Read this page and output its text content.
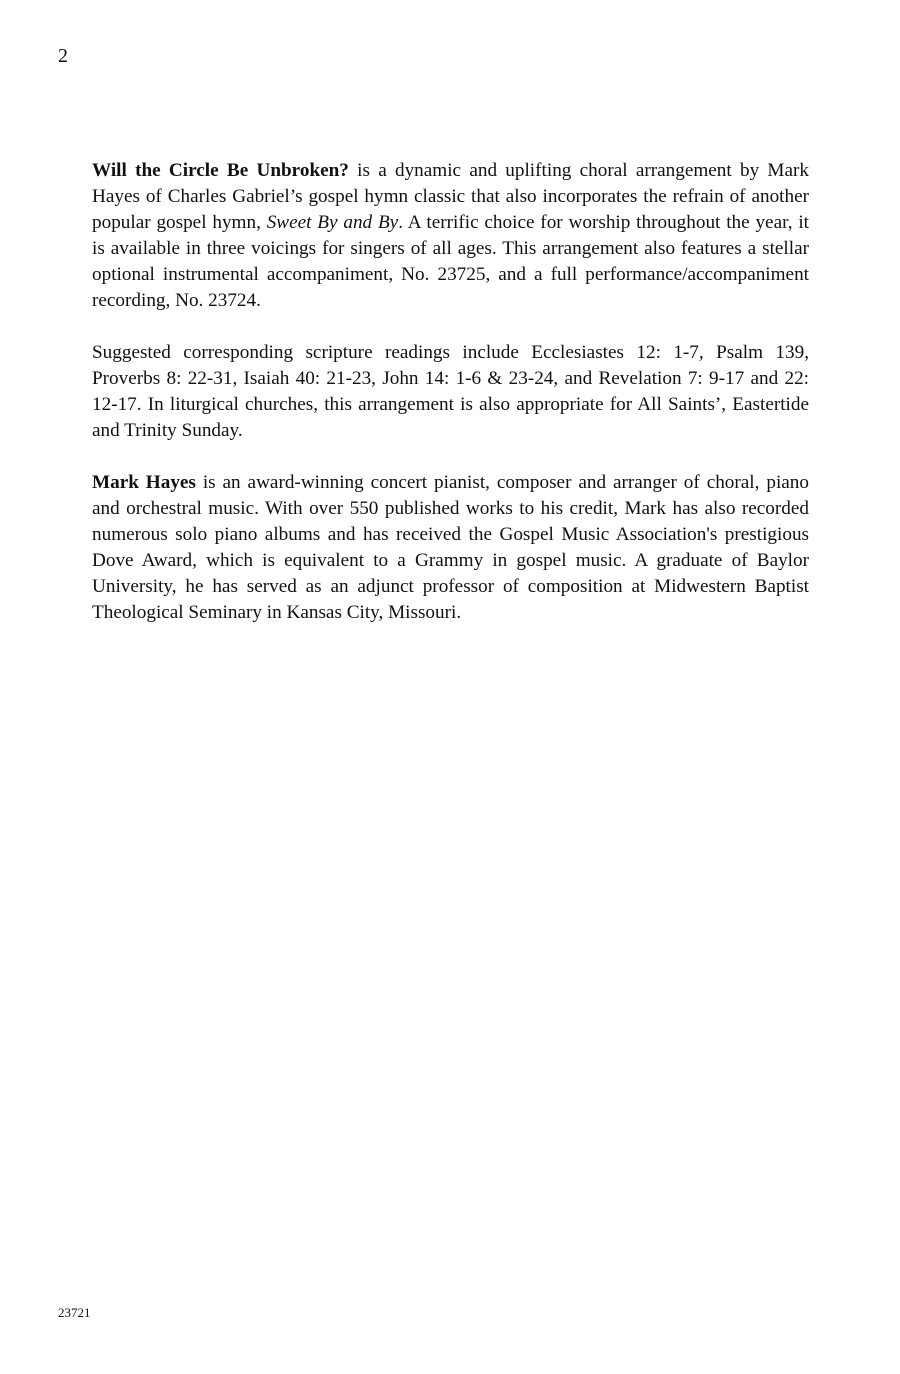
2

Will the Circle Be Unbroken? is a dynamic and uplifting choral arrangement by Mark Hayes of Charles Gabriel’s gospel hymn classic that also incorporates the refrain of another popular gospel hymn, Sweet By and By. A terrific choice for worship throughout the year, it is available in three voicings for singers of all ages. This arrangement also features a stellar optional instrumental accompaniment, No. 23725, and a full performance/accompaniment recording, No. 23724.

Suggested corresponding scripture readings include Ecclesiastes 12: 1-7, Psalm 139, Proverbs 8: 22-31, Isaiah 40: 21-23, John 14: 1-6 & 23-24, and Revelation 7: 9-17 and 22: 12-17. In liturgical churches, this arrangement is also appropriate for All Saints’, Eastertide and Trinity Sunday.

Mark Hayes is an award-winning concert pianist, composer and arranger of choral, piano and orchestral music. With over 550 published works to his credit, Mark has also recorded numerous solo piano albums and has received the Gospel Music Association's prestigious Dove Award, which is equivalent to a Grammy in gospel music. A graduate of Baylor University, he has served as an adjunct professor of composition at Midwestern Baptist Theological Seminary in Kansas City, Missouri.

23721
